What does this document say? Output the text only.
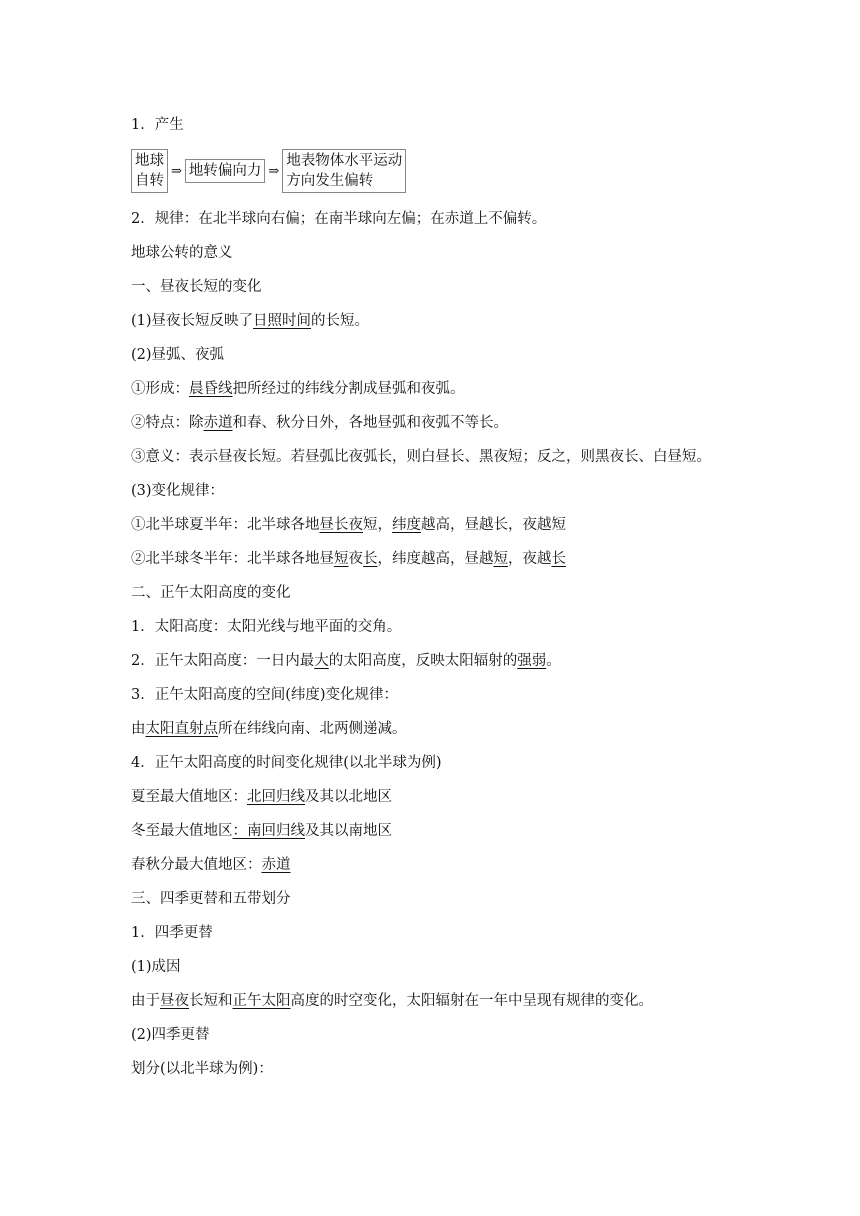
1．产生
地球
自转
⇒ 地转偏向力 ⇒
地表物体水平运动
方向发生偏转
2．规律：在北半球向右偏；在南半球向左偏；在赤道上不偏转。
地球公转的意义
一、昼夜长短的变化
(1)昼夜长短反映了日照时间的长短。
(2)昼弧、夜弧
①形成：晨昏线把所经过的纬线分割成昼弧和夜弧。
②特点：除赤道和春、秋分日外，各地昼弧和夜弧不等长。
③意义：表示昼夜长短。若昼弧比夜弧长，则白昼长、黑夜短；反之，则黑夜长、白昼短。
(3)变化规律：
①北半球夏半年：北半球各地昼长夜短，纬度越高，昼越长，夜越短
②北半球冬半年：北半球各地昼短夜长，纬度越高，昼越短，夜越长
二、正午太阳高度的变化
1．太阳高度：太阳光线与地平面的交角。
2．正午太阳高度：一日内最大的太阳高度，反映太阳辐射的强弱。
3．正午太阳高度的空间(纬度)变化规律：
由太阳直射点所在纬线向南、北两侧递减。
4．正午太阳高度的时间变化规律(以北半球为例)
夏至最大值地区：北回归线及其以北地区
冬至最大值地区：南回归线及其以南地区
春秋分最大值地区：赤道
三、四季更替和五带划分
1．四季更替
(1)成因
由于昼夜长短和正午太阳高度的时空变化，太阳辐射在一年中呈现有规律的变化。
(2)四季更替
划分(以北半球为例)：
